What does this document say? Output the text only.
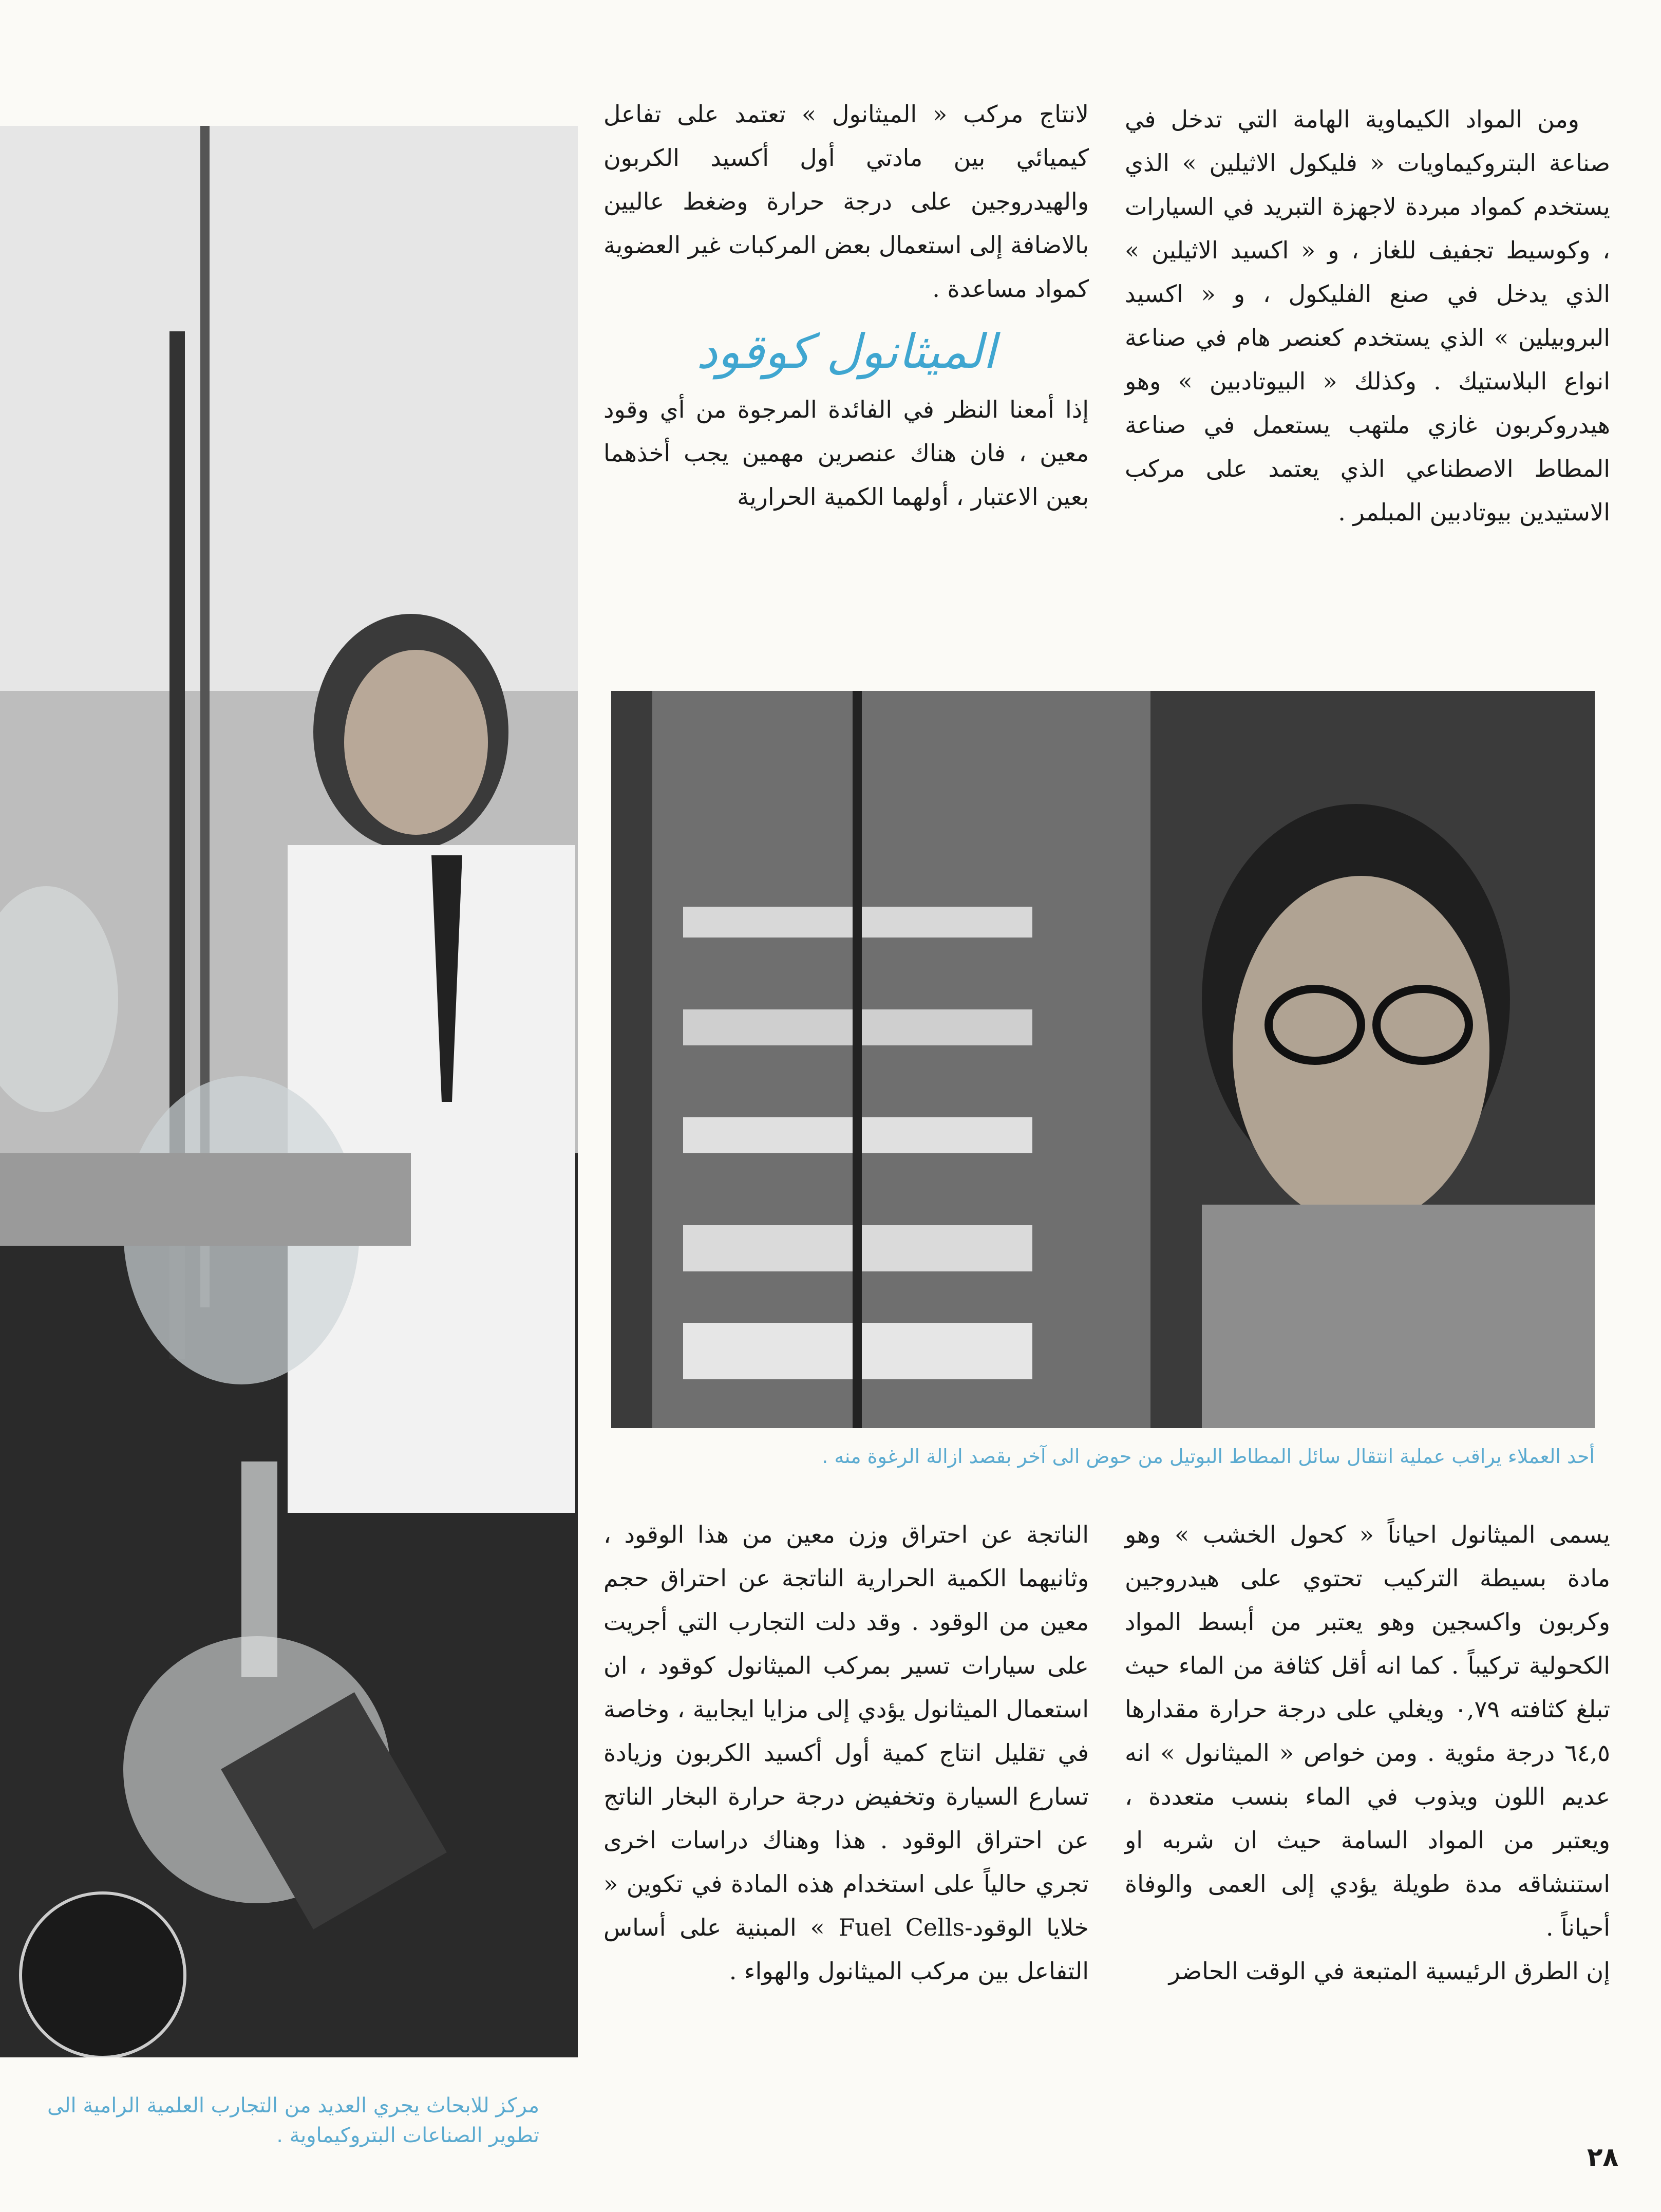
ومن المواد الكيماوية الهامة التي تدخل في صناعة البتروكيماويات « فليكول الاثيلين » الذي يستخدم كمواد مبردة لاجهزة التبريد في السيارات ، وكوسيط تجفيف للغاز ، و « اكسيد الاثيلين » الذي يدخل في صنع الفليكول ، و « اكسيد البروبيلين » الذي يستخدم كعنصر هام في صناعة انواع البلاستيك . وكذلك « البيوتادبين » وهو هيدروكربون غازي ملتهب يستعمل في صناعة المطاط الاصطناعي الذي يعتمد على مركب الاستيدين بيوتادبين المبلمر .

لانتاج مركب « الميثانول » تعتمد على تفاعل كيميائي بين مادتي أول أكسيد الكربون والهيدروجين على درجة حرارة وضغط عاليين بالاضافة إلى استعمال بعض المركبات غير العضوية كمواد مساعدة .

الميثانول كوقود

إذا أمعنا النظر في الفائدة المرجوة من أي وقود معين ، فان هناك عنصرين مهمين يجب أخذهما بعين الاعتبار ، أولهما الكمية الحرارية

يسمى الميثانول احياناً « كحول الخشب » وهو مادة بسيطة التركيب تحتوي على هيدروجين وكربون واكسجين وهو يعتبر من أبسط المواد الكحولية تركيباً . كما انه أقل كثافة من الماء حيث تبلغ كثافته ٠,٧٩ ويغلي على درجة حرارة مقدارها ٦٤,٥ درجة مئوية . ومن خواص « الميثانول » انه عديم اللون ويذوب في الماء بنسب متعددة ، ويعتبر من المواد السامة حيث ان شربه او استنشاقه مدة طويلة يؤدي إلى العمى والوفاة أحياناً .

إن الطرق الرئيسية المتبعة في الوقت الحاضر

الناتجة عن احتراق وزن معين من هذا الوقود ، وثانيهما الكمية الحرارية الناتجة عن احتراق حجم معين من الوقود . وقد دلت التجارب التي أجريت على سيارات تسير بمركب الميثانول كوقود ، ان استعمال الميثانول يؤدي إلى مزايا ايجابية ، وخاصة في تقليل انتاج كمية أول أكسيد الكربون وزيادة تسارع السيارة وتخفيض درجة حرارة البخار الناتج عن احتراق الوقود . هذا وهناك دراسات اخرى تجري حالياً على استخدام هذه المادة في تكوين « خلايا الوقود-Fuel Cells » المبنية على أساس التفاعل بين مركب الميثانول والهواء .

أحد العملاء يراقب عملية انتقال سائل المطاط البوتيل من حوض الى آخر بقصد ازالة الرغوة منه .
مركز للابحاث يجري العديد من التجارب العلمية الرامية الى تطوير الصناعات البتروكيماوية .
٢٨
